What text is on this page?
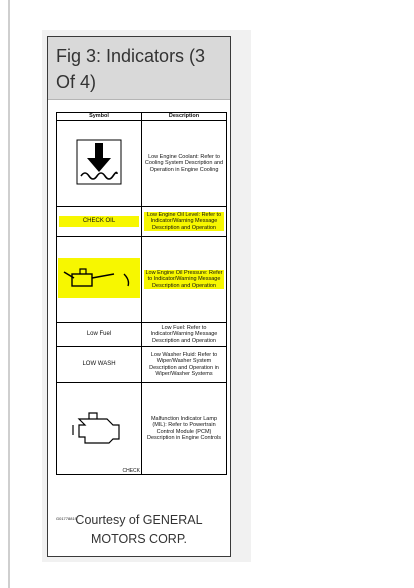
Fig 3: Indicators (3 Of 4)
Symbol	Description
	Low Engine Coolant: Refer to Cooling System Description and Operation in Engine Cooling
CHECK OIL	Low Engine Oil Level: Refer to Indicator/Warning Message Description and Operation
	Low Engine Oil Pressure: Refer to Indicator/Warning Message Description and Operation
Low Fuel	Low Fuel: Refer to Indicator/Warning Message Description and Operation
LOW WASH	Low Washer Fluid: Refer to Wiper/Washer System Description and Operation in Wiper/Washer Systems

CHECK	Malfunction Indicator Lamp (MIL): Refer to Powertrain Control Module (PCM) Description in Engine Controls
G01778819
Courtesy of GENERAL MOTORS CORP.
